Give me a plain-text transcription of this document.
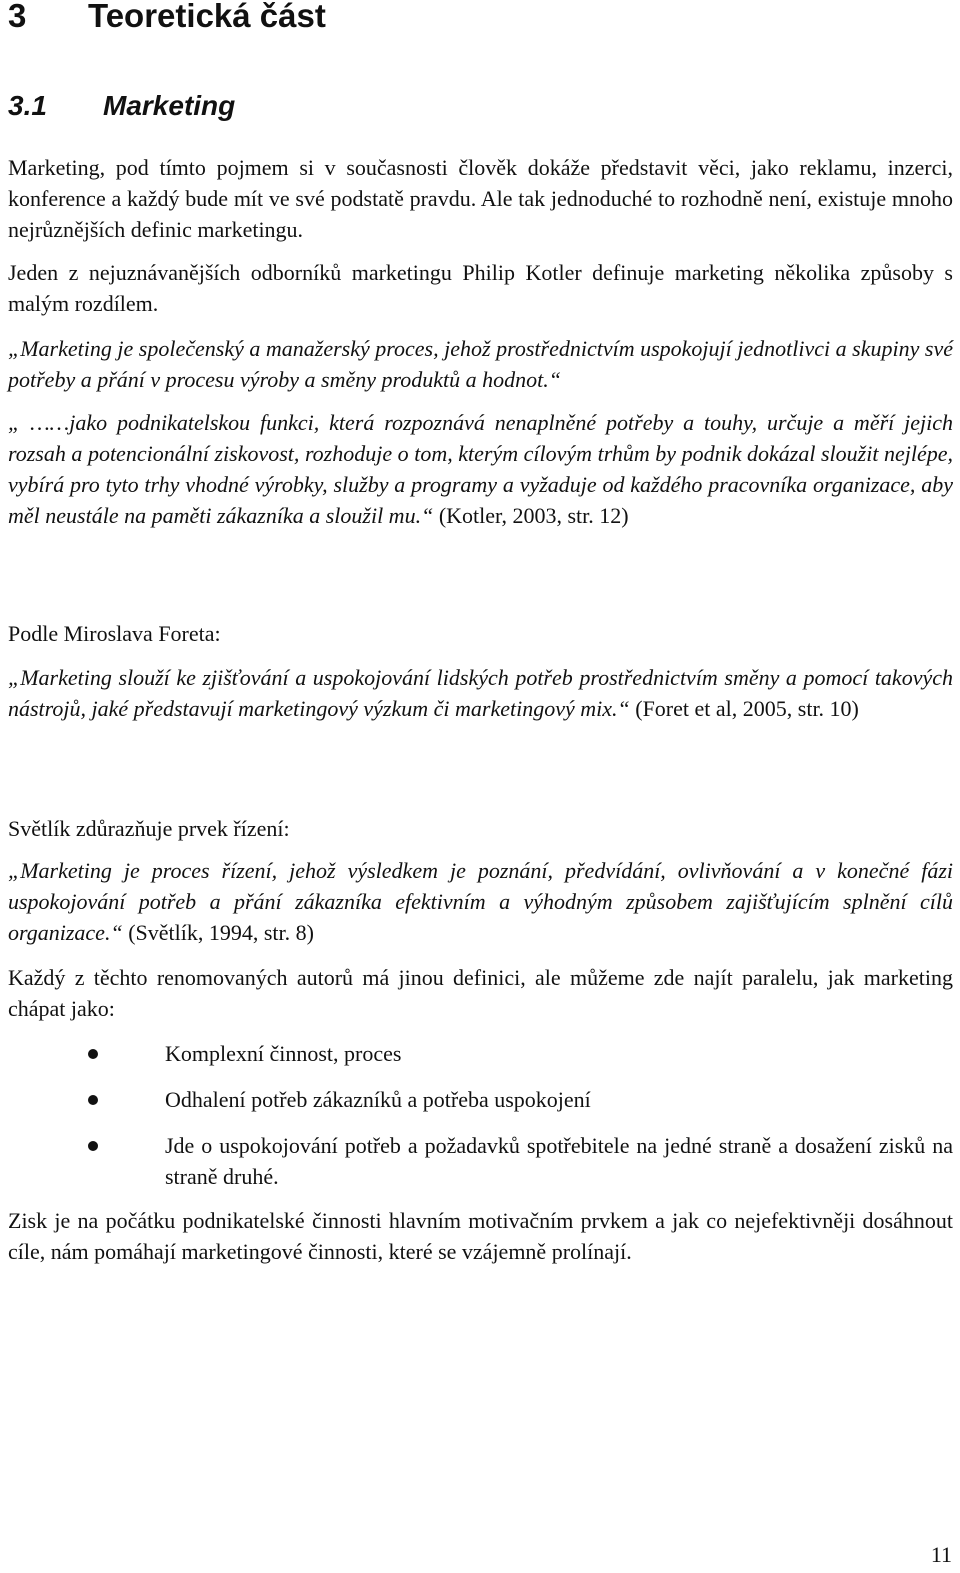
3 Teoretická část
3.1 Marketing

Marketing, pod tímto pojmem si v současnosti člověk dokáže představit věci, jako reklamu, inzerci, konference a každý bude mít ve své podstatě pravdu. Ale tak jednoduché to rozhodně není, existuje mnoho nejrůznějších definic marketingu.

Jeden z nejuznávanějších odborníků marketingu Philip Kotler definuje marketing několika způsoby s malým rozdílem.

„Marketing je společenský a manažerský proces, jehož prostřednictvím uspokojují jednotlivci a skupiny své potřeby a přání v procesu výroby a směny produktů a hodnot.“

„ ……jako podnikatelskou funkci, která rozpoznává nenaplněné potřeby a touhy, určuje a měří jejich rozsah a potencionální ziskovost, rozhoduje o tom, kterým cílovým trhům by podnik dokázal sloužit nejlépe, vybírá pro tyto trhy vhodné výrobky, služby a programy a vyžaduje od každého pracovníka organizace, aby měl neustále na paměti zákazníka a sloužil mu.“ (Kotler, 2003, str. 12)

Podle Miroslava Foreta:

„Marketing slouží ke zjišťování a uspokojování lidských potřeb prostřednictvím směny a pomocí takových nástrojů, jaké představují marketingový výzkum či marketingový mix.“ (Foret et al, 2005, str. 10)

Světlík zdůrazňuje prvek řízení:

„Marketing je proces řízení, jehož výsledkem je poznání, předvídání, ovlivňování a v konečné fázi uspokojování potřeb a přání zákazníka efektivním a výhodným způsobem zajišťujícím splnění cílů organizace.“ (Světlík, 1994, str. 8)

Každý z těchto renomovaných autorů má jinou definici, ale můžeme zde najít paralelu, jak marketing chápat jako:

Komplexní činnost, proces
Odhalení potřeb zákazníků a potřeba uspokojení
Jde o uspokojování potřeb a požadavků spotřebitele na jedné straně a dosažení zisků na straně druhé.

Zisk je na počátku podnikatelské činnosti hlavním motivačním prvkem a jak co nejefektivněji dosáhnout cíle, nám pomáhají marketingové činnosti, které se vzájemně prolínají.

11
